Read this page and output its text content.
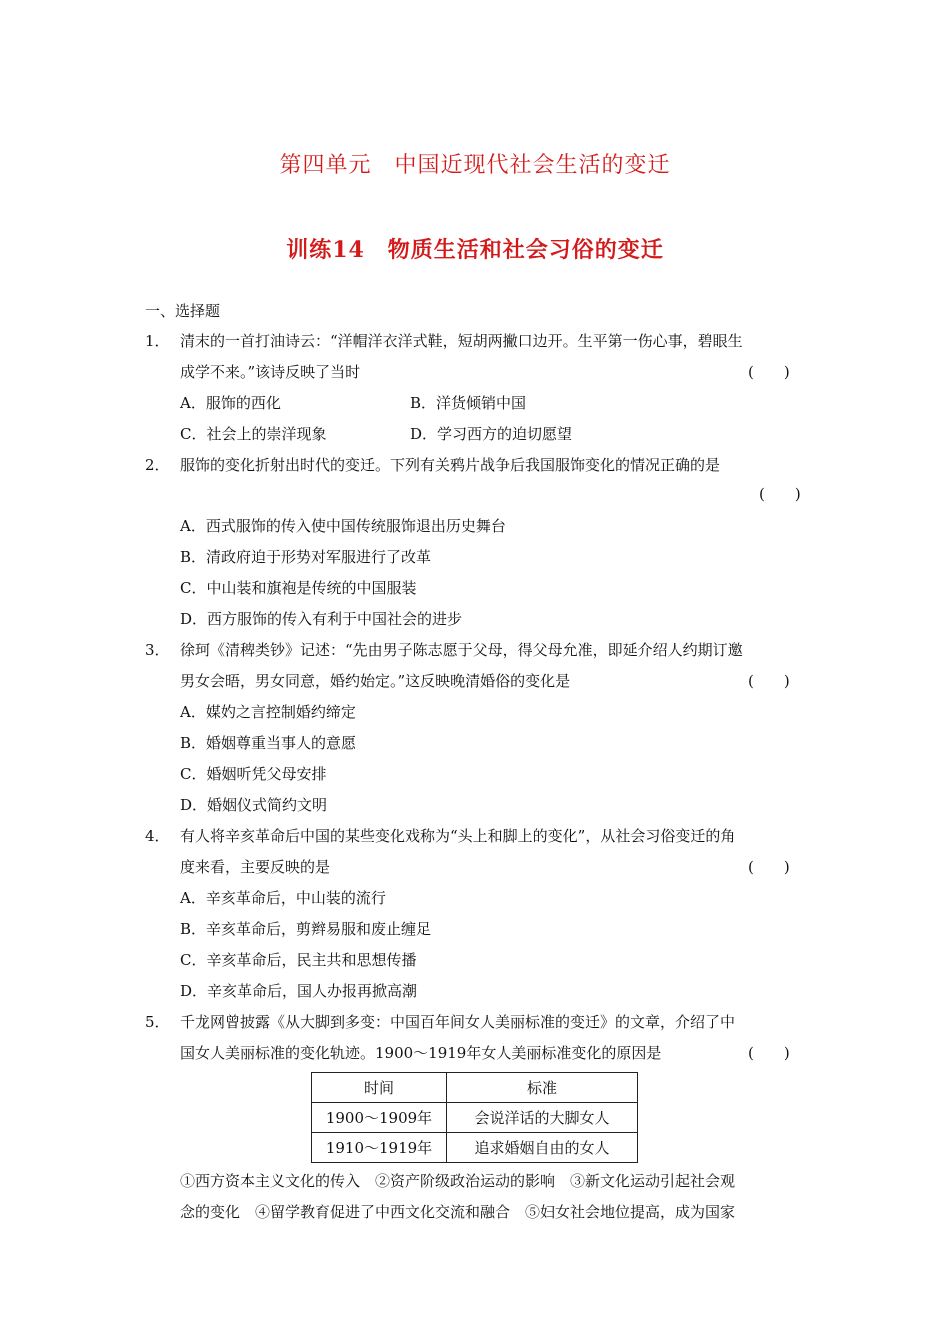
第四单元　中国近现代社会生活的变迁
训练14　物质生活和社会习俗的变迁
一、选择题
1． 清末的一首打油诗云：“洋帽洋衣洋式鞋，短胡两撇口边开。生平第一伤心事，碧眼生
成学不来。”该诗反映了当时	(　　)
A．服饰的西化	B．洋货倾销中国
C．社会上的崇洋现象	D．学习西方的迫切愿望
2． 服饰的变化折射出时代的变迁。下列有关鸦片战争后我国服饰变化的情况正确的是
(　　)
A．西式服饰的传入使中国传统服饰退出历史舞台
B．清政府迫于形势对军服进行了改革
C．中山装和旗袍是传统的中国服装
D．西方服饰的传入有利于中国社会的进步
3． 徐珂《清稗类钞》记述：“先由男子陈志愿于父母，得父母允准，即延介绍人约期订邀
男女会晤，男女同意，婚约始定。”这反映晚清婚俗的变化是	(　　)
A．媒妁之言控制婚约缔定
B．婚姻尊重当事人的意愿
C．婚姻听凭父母安排
D．婚姻仪式简约文明
4． 有人将辛亥革命后中国的某些变化戏称为“头上和脚上的变化”，从社会习俗变迁的角
度来看，主要反映的是	(　　)
A．辛亥革命后，中山装的流行
B．辛亥革命后，剪辫易服和废止缠足
C．辛亥革命后，民主共和思想传播
D．辛亥革命后，国人办报再掀高潮
5． 千龙网曾披露《从大脚到多变：中国百年间女人美丽标准的变迁》的文章，介绍了中
国女人美丽标准的变化轨迹。1900～1919年女人美丽标准变化的原因是	(　　)
时间	标准
1900～1909年	会说洋话的大脚女人
1910～1919年	追求婚姻自由的女人
①西方资本主义文化的传入　②资产阶级政治运动的影响　③新文化运动引起社会观
念的变化　④留学教育促进了中西文化交流和融合　⑤妇女社会地位提高，成为国家
